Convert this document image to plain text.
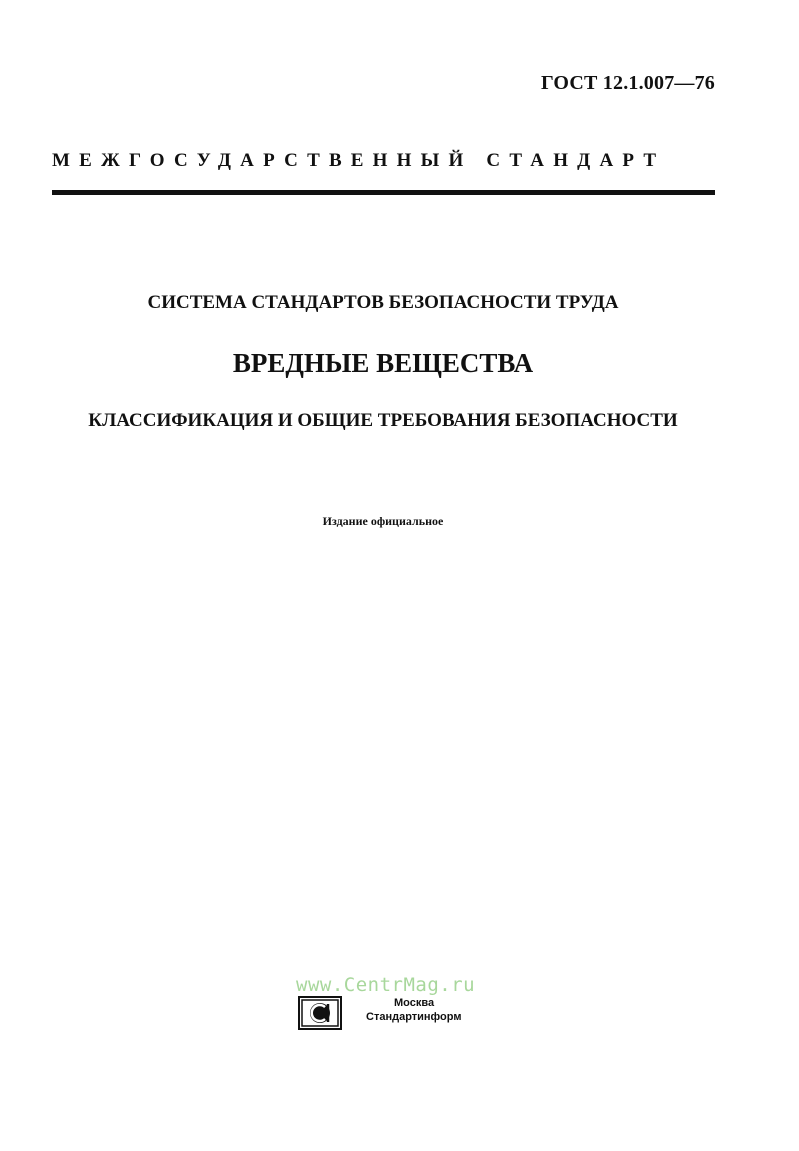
ГОСТ 12.1.007—76
МЕЖГОСУДАРСТВЕННЫЙ СТАНДАРТ
СИСТЕМА СТАНДАРТОВ БЕЗОПАСНОСТИ ТРУДА
ВРЕДНЫЕ ВЕЩЕСТВА
КЛАССИФИКАЦИЯ И ОБЩИЕ ТРЕБОВАНИЯ БЕЗОПАСНОСТИ
Издание официальное
www.CentrMag.ru
Москва
Стандартинформ
